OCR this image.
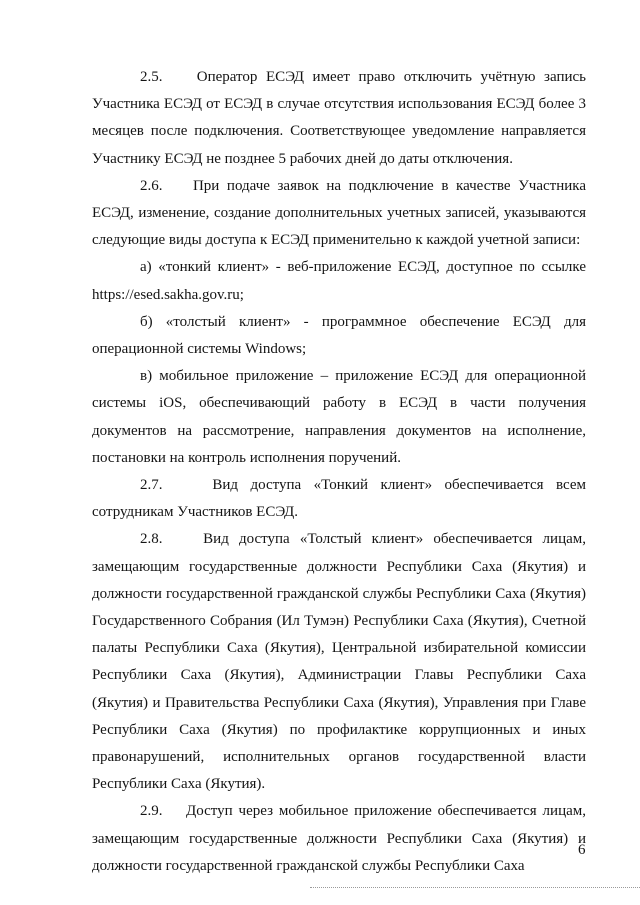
2.5.    Оператор ЕСЭД имеет право отключить учётную запись Участника ЕСЭД от ЕСЭД в случае отсутствия использования ЕСЭД более 3 месяцев после подключения. Соответствующее уведомление направляется Участнику ЕСЭД не позднее 5 рабочих дней до даты отключения.

2.6.    При подаче заявок на подключение в качестве Участника ЕСЭД, изменение, создание дополнительных учетных записей, указываются следующие виды доступа к ЕСЭД применительно к каждой учетной записи:

а) «тонкий клиент» - веб-приложение ЕСЭД, доступное по ссылке https://esed.sakha.gov.ru;

б) «толстый клиент» - программное обеспечение ЕСЭД для операционной системы Windows;

в) мобильное приложение – приложение ЕСЭД для операционной системы iOS, обеспечивающий работу в ЕСЭД в части получения документов на рассмотрение, направления документов на исполнение, постановки на контроль исполнения поручений.

2.7.    Вид доступа «Тонкий клиент» обеспечивается всем сотрудникам Участников ЕСЭД.

2.8.    Вид доступа «Толстый клиент» обеспечивается лицам, замещающим государственные должности Республики Саха (Якутия) и должности государственной гражданской службы Республики Саха (Якутия) Государственного Собрания (Ил Тумэн) Республики Саха (Якутия), Счетной палаты Республики Саха (Якутия), Центральной избирательной комиссии Республики Саха (Якутия), Администрации Главы Республики Саха (Якутия) и Правительства Республики Саха (Якутия), Управления при Главе Республики Саха (Якутия) по профилактике коррупционных и иных правонарушений, исполнительных органов государственной власти Республики Саха (Якутия).

2.9.    Доступ через мобильное приложение обеспечивается лицам, замещающим государственные должности Республики Саха (Якутия) и должности государственной гражданской службы Республики Саха

6
